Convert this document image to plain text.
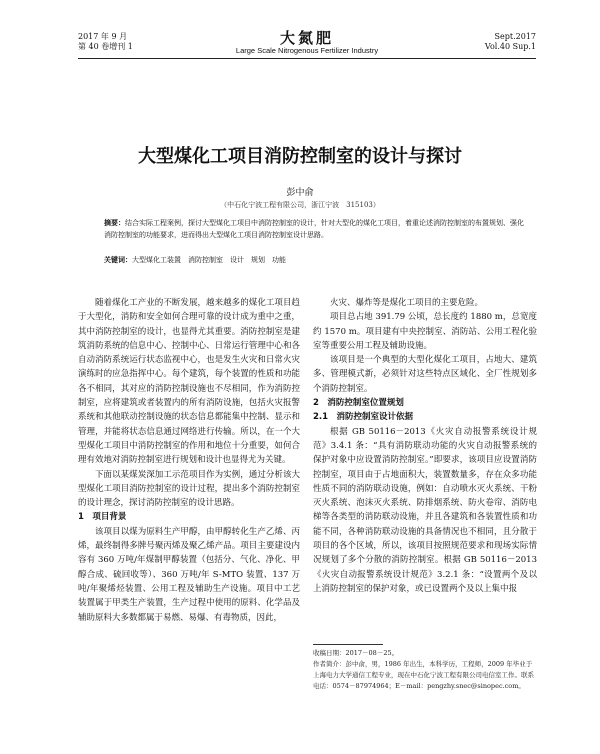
2017 年 9 月
第 40 卷增刊 1	大氮肥
Large Scale Nitrogenous Fertilizer Industry
Sept.2017
Vol.40 Sup.1
大型煤化工项目消防控制室的设计与探讨
彭中俞
（中石化宁波工程有限公司，浙江宁波　315103）
摘要：结合实际工程案例，探讨大型煤化工项目中消防控制室的设计，针对大型化的煤化工项目，着重论述消防控制室的布置规划、强化消防控制室的功能要求，进而得出大型煤化工项目消防控制室设计思路。
关键词：大型煤化工装置　消防控制室　设计　规划　功能

随着煤化工产业的不断发展，越来越多的煤化工项目趋于大型化，消防和安全如何合理可靠的设计成为重中之重，其中消防控制室的设计，也显得尤其重要。消防控制室是建筑消防系统的信息中心、控制中心、日常运行管理中心和各自动消防系统运行状态监视中心，也是发生火灾和日常火灾演练时的应急指挥中心。每个建筑，每个装置的性质和功能各不相同，其对应的消防控制设施也不尽相同，作为消防控制室，应将建筑或者装置内的所有消防设施，包括火灾报警系统和其他联动控制设施的状态信息都能集中控制、显示和管理，并能将状态信息通过网络进行传输。所以，在一个大型煤化工项目中消防控制室的作用和地位十分重要，如何合理有效地对消防控制室进行规划和设计也显得尤为关键。

下面以某煤炭深加工示范项目作为实例，通过分析该大型煤化工项目消防控制室的设计过程，提出多个消防控制室的设计理念，探讨消防控制室的设计思路。

1　项目背景

该项目以煤为原料生产甲醇，由甲醇转化生产乙烯、丙烯，最终制得多牌号聚丙烯及聚乙烯产品。项目主要建设内容有 360 万吨/年煤制甲醇装置（包括分、气化、净化、甲醇合成、硫回收等）、360 万吨/年 S-MTO 装置、137 万吨/年聚烯烃装置、公用工程及辅助生产设施。项目中工艺装置属于甲类生产装置，生产过程中使用的原料、化学品及辅助原料大多数都属于易燃、易爆、有毒物质，因此，

火灾、爆炸等是煤化工项目的主要危险。

项目总占地 391.79 公顷，总长度约 1880 m，总宽度约 1570 m。项目建有中央控制室、消防站、公用工程化验室等重要公用工程及辅助设施。

该项目是一个典型的大型化煤化工项目，占地大、建筑多、管理模式新，必须针对这些特点区域化、全厂性规划多个消防控制室。

2　消防控制室位置规划

2.1　消防控制室设计依据

根据 GB 50116－2013《火灾自动报警系统设计规范》3.4.1 条：“具有消防联动功能的火灾自动报警系统的保护对象中应设置消防控制室。”即要求，该项目应设置消防控制室，项目由于占地面积大，装置数量多，存在众多功能性质不同的消防联动设施，例如：自动喷水灭火系统、干粉灭火系统、泡沫灭火系统、防排烟系统、防火卷帘、消防电梯等各类型的消防联动设施，并且各建筑和各装置性质和功能不同，各种消防联动设施的具备情况也不相同，且分散于项目的各个区域，所以，该项目按照规范要求和现场实际情况规划了多个分散的消防控制室。根据 GB 50116－2013《火灾自动报警系统设计规范》3.2.1 条：“设置两个及以上消防控制室的保护对象，或已设置两个及以上集中报

收稿日期：2017－08－25。
作者简介：彭中俞，男，1986 年出生，本科学历，工程师，2009 年毕业于上海电力大学通信工程专业，现在中石化宁波工程有限公司电信室工作。联系电话：0574－87974964；E－mail：pengzhy.snec@sinopec.com。
